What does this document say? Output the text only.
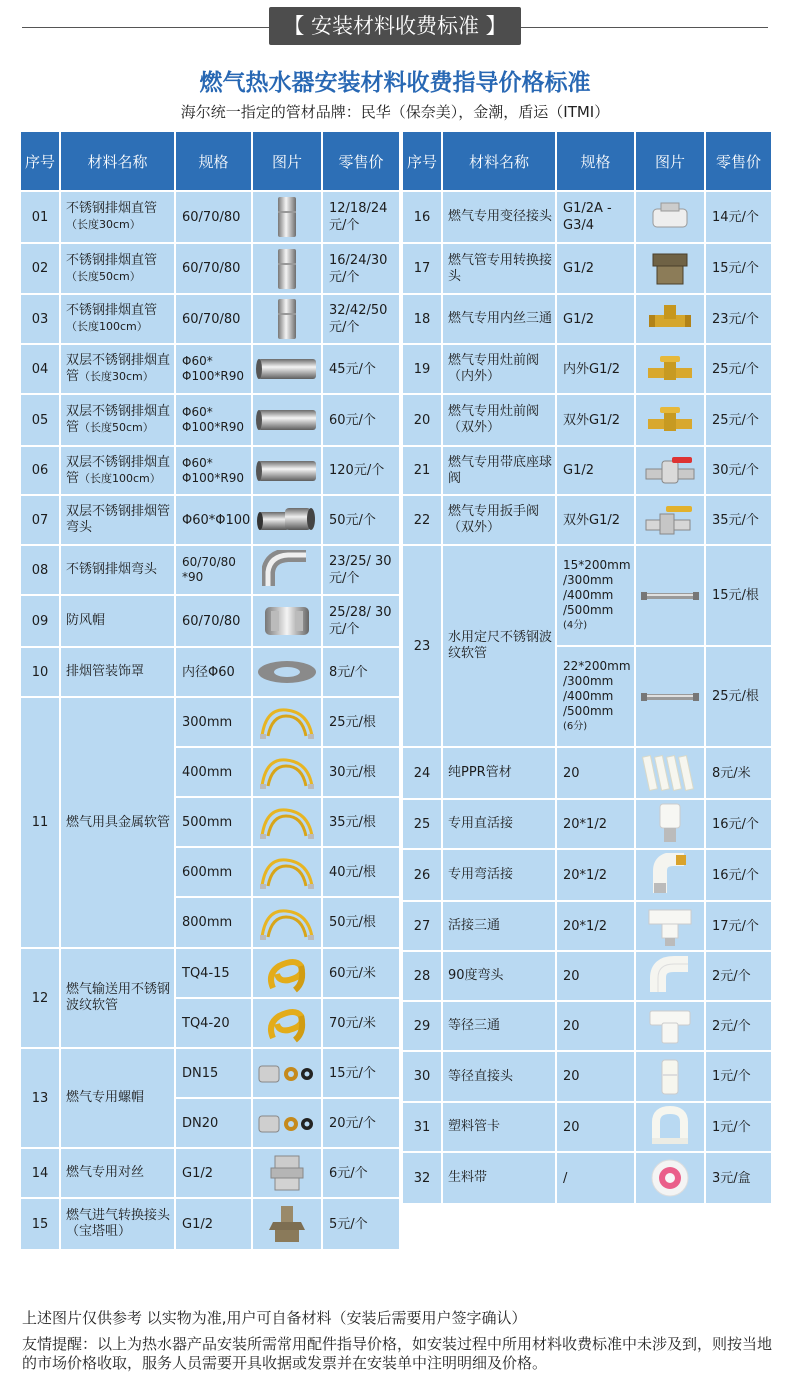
【 安装材料收费标准 】
燃气热水器安装材料收费指导价格标准
海尔统一指定的管材品牌：民华（保奈美），金潮，盾运（ITMI）
序号	材料名称	规格	图片	零售价
01	不锈钢排烟直管（长度30cm）	60/70/80		12/18/24元/个
02	不锈钢排烟直管（长度50cm）	60/70/80		16/24/30元/个
03	不锈钢排烟直管（长度100cm）	60/70/80		32/42/50元/个
04	双层不锈钢排烟直管（长度30cm）	Φ60* Φ100*R90		45元/个
05	双层不锈钢排烟直管（长度50cm）	Φ60* Φ100*R90		60元/个
06	双层不锈钢排烟直管（长度100cm）	Φ60* Φ100*R90		120元/个
07	双层不锈钢排烟管弯头	Φ60*Φ100		50元/个
08	不锈钢排烟弯头	60/70/80 *90		23/25/ 30元/个
09	防风帽	60/70/80		25/28/ 30元/个
10	排烟管装饰罩	内径Φ60		8元/个
11	燃气用具金属软管	300mm		25元/根
		400mm		30元/根
		500mm		35元/根
		600mm		40元/根
		800mm		50元/根
12	燃气输送用不锈钢波纹软管	TQ4-15		60元/米
		TQ4-20		70元/米
13	燃气专用螺帽	DN15		15元/个
		DN20		20元/个
14	燃气专用对丝	G1/2		6元/个
15	燃气进气转换接头（宝塔咀）	G1/2		5元/个
序号	材料名称	规格	图片	零售价
16	燃气专用变径接头	G1/2A -G3/4		14元/个
17	燃气管专用转换接头	G1/2		15元/个
18	燃气专用内丝三通	G1/2		23元/个
19	燃气专用灶前阀（内外）	内外G1/2		25元/个
20	燃气专用灶前阀（双外）	双外G1/2		25元/个
21	燃气专用带底座球阀	G1/2		30元/个
22	燃气专用扳手阀（双外）	双外G1/2		35元/个
23	水用定尺不锈钢波纹软管	15*200mm
/300mm
/400mm
/500mm
(4分)		15元/根

		22*200mm
/300mm
/400mm
/500mm
(6分)		25元/根
24	纯PPR管材	20		8元/米
25	专用直活接	20*1/2		16元/个
26	专用弯活接	20*1/2		16元/个
27	活接三通	20*1/2		17元/个
28	90度弯头	20		2元/个
29	等径三通	20		2元/个
30	等径直接头	20		1元/个
31	塑料管卡	20		1元/个
32	生料带	/		3元/盒
上述图片仅供参考 以实物为准,用户可自备材料（安装后需要用户签字确认）
友情提醒：以上为热水器产品安装所需常用配件指导价格，如安装过程中所用材料收费标准中未涉及到，则按当地的市场价格收取，服务人员需要开具收据或发票并在安装单中注明明细及价格。
